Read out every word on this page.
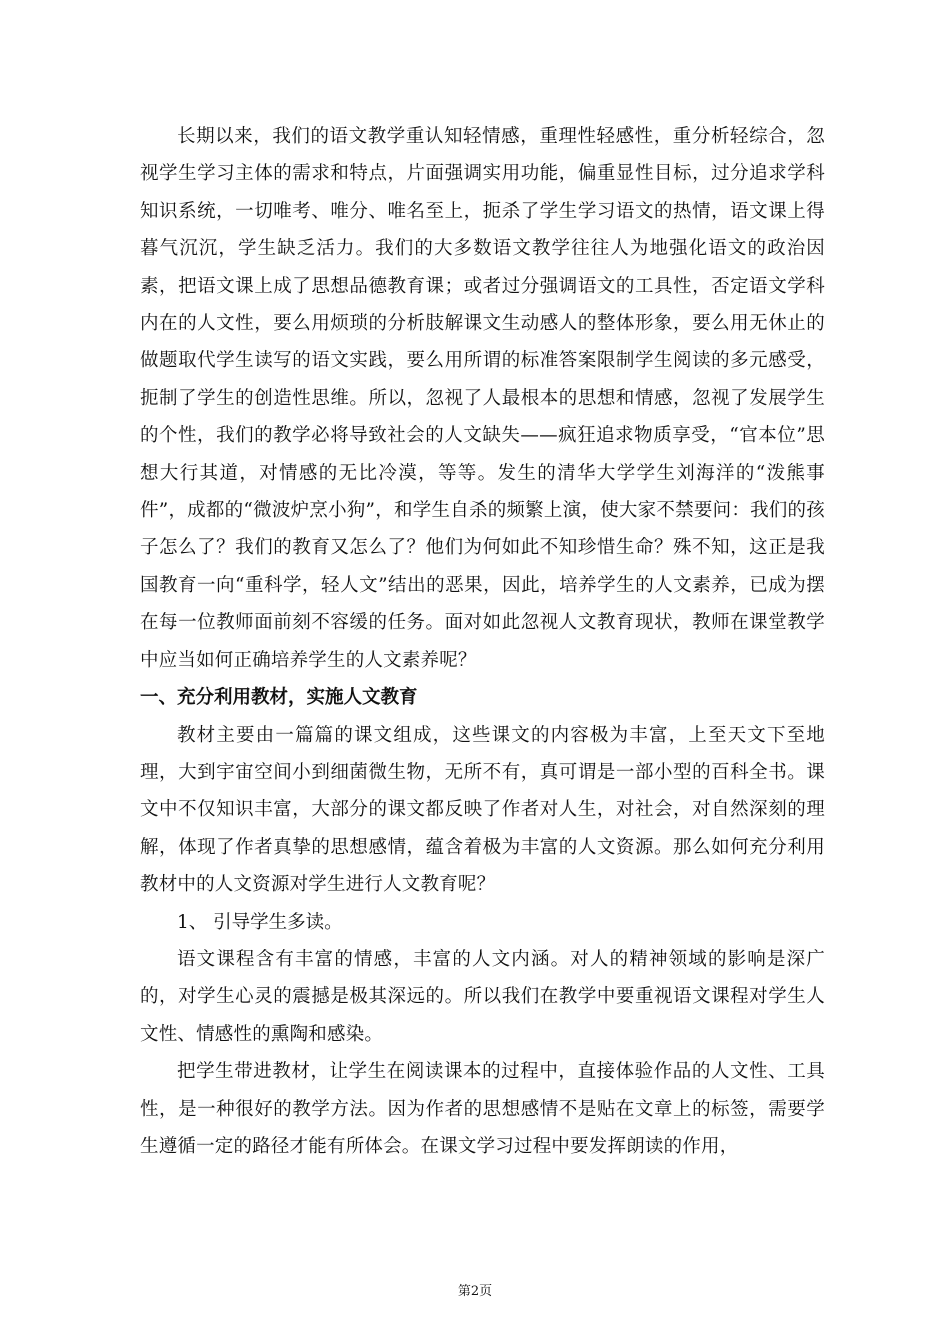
长期以来，我们的语文教学重认知轻情感，重理性轻感性，重分析轻综合，忽视学生学习主体的需求和特点，片面强调实用功能，偏重显性目标，过分追求学科知识系统，一切唯考、唯分、唯名至上，扼杀了学生学习语文的热情，语文课上得暮气沉沉，学生缺乏活力。我们的大多数语文教学往往人为地强化语文的政治因素，把语文课上成了思想品德教育课；或者过分强调语文的工具性，否定语文学科内在的人文性，要么用烦琐的分析肢解课文生动感人的整体形象，要么用无休止的做题取代学生读写的语文实践，要么用所谓的标准答案限制学生阅读的多元感受，扼制了学生的创造性思维。所以，忽视了人最根本的思想和情感，忽视了发展学生的个性，我们的教学必将导致社会的人文缺失——疯狂追求物质享受，“官本位”思想大行其道，对情感的无比冷漠，等等。发生的清华大学学生刘海洋的“泼熊事件”，成都的“微波炉烹小狗”，和学生自杀的频繁上演，使大家不禁要问：我们的孩子怎么了？我们的教育又怎么了？他们为何如此不知珍惜生命？殊不知，这正是我国教育一向“重科学，轻人文”结出的恶果，因此，培养学生的人文素养，已成为摆在每一位教师面前刻不容缓的任务。面对如此忽视人文教育现状，教师在课堂教学中应当如何正确培养学生的人文素养呢？

一、充分利用教材，实施人文教育

教材主要由一篇篇的课文组成，这些课文的内容极为丰富，上至天文下至地理，大到宇宙空间小到细菌微生物，无所不有，真可谓是一部小型的百科全书。课文中不仅知识丰富，大部分的课文都反映了作者对人生，对社会，对自然深刻的理解，体现了作者真挚的思想感情，蕴含着极为丰富的人文资源。那么如何充分利用教材中的人文资源对学生进行人文教育呢？

1、 引导学生多读。

语文课程含有丰富的情感，丰富的人文内涵。对人的精神领域的影响是深广的，对学生心灵的震撼是极其深远的。所以我们在教学中要重视语文课程对学生人文性、情感性的熏陶和感染。

把学生带进教材，让学生在阅读课本的过程中，直接体验作品的人文性、工具性，是一种很好的教学方法。因为作者的思想感情不是贴在文章上的标签，需要学生遵循一定的路径才能有所体会。在课文学习过程中要发挥朗读的作用，

第2页
